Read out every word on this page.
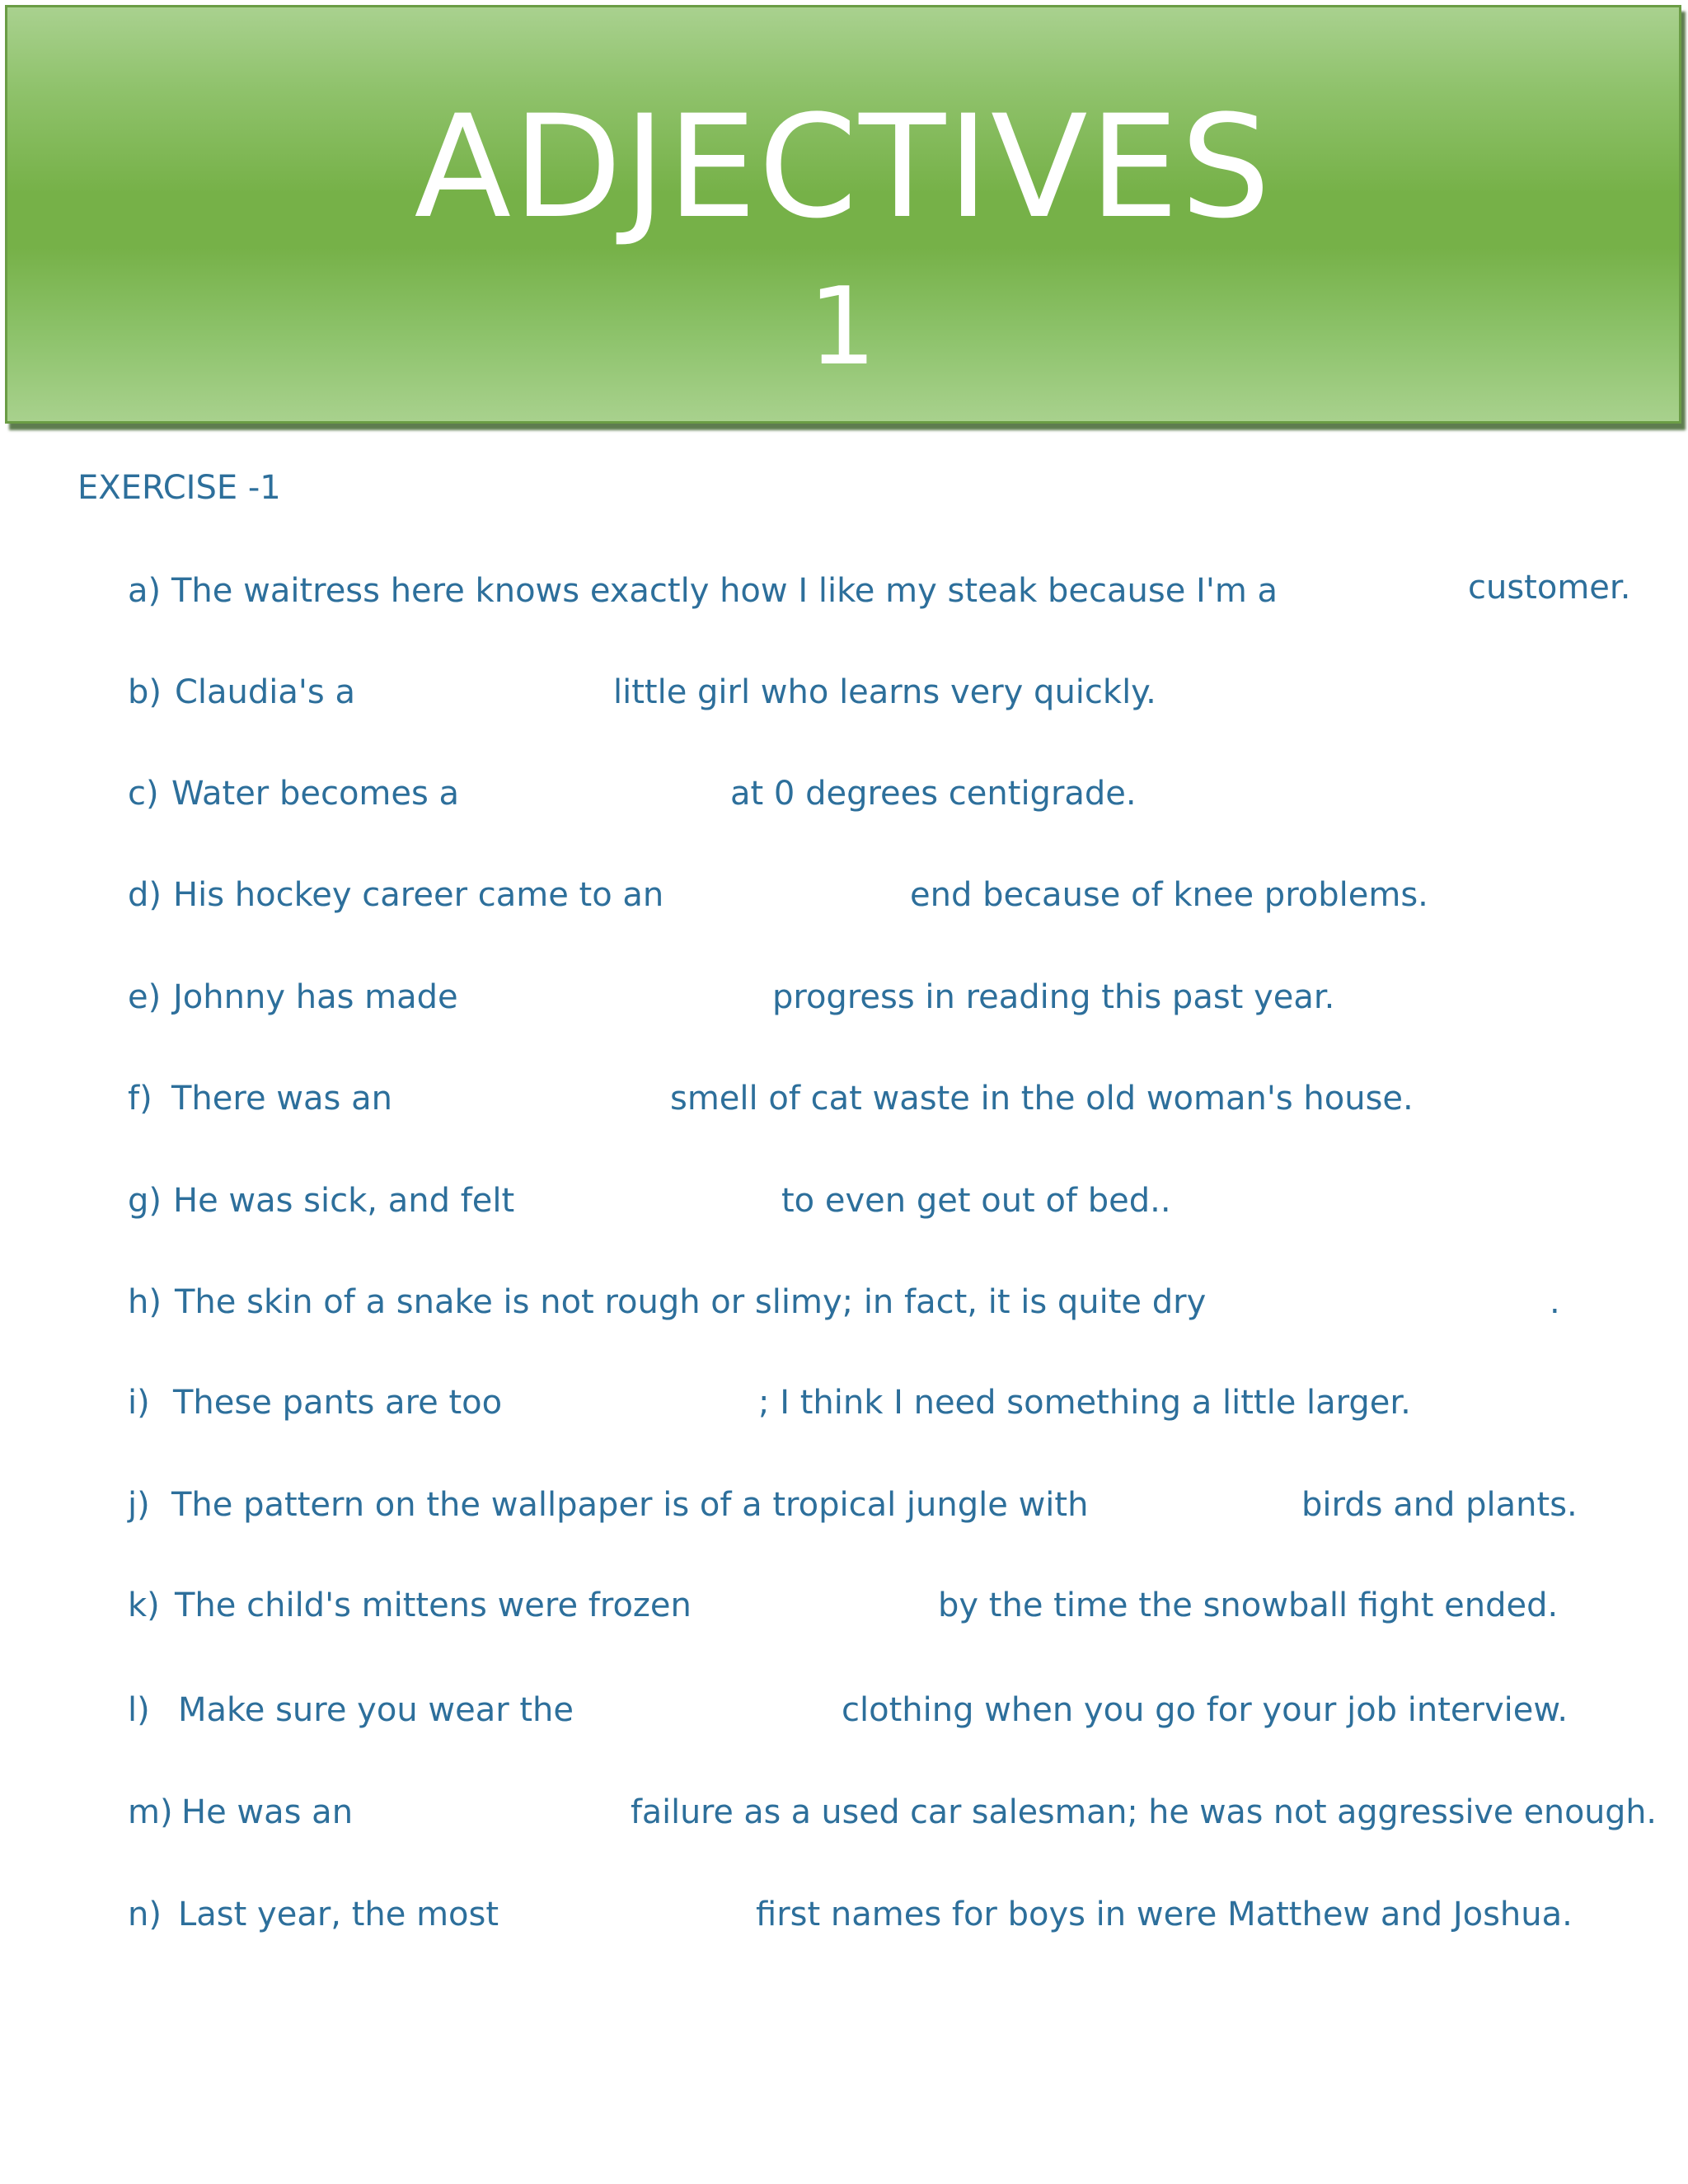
ADJECTIVES
1
EXERCISE -1
a) The waitress here knows exactly how I like my steak because I'm a	customer.
b) Claudia's a	little girl who learns very quickly.
c) Water becomes a	at 0 degrees centigrade.
d) His hockey career came to an	end because of knee problems.
e) Johnny has made	progress in reading this past year.
f) There was an	smell of cat waste in the old woman's house.
g) He was sick, and felt	to even get out of bed..
h) The skin of a snake is not rough or slimy; in fact, it is quite dry	.
i) These pants are too	; I think I need something a little larger.
j) The pattern on the wallpaper is of a tropical jungle with	birds and plants.
k) The child's mittens were frozen	by the time the snowball fight ended.
l) Make sure you wear the	clothing when you go for your job interview.
m) He was an	failure as a used car salesman; he was not aggressive enough.
n) Last year, the most	first names for boys in were Matthew and Joshua.
